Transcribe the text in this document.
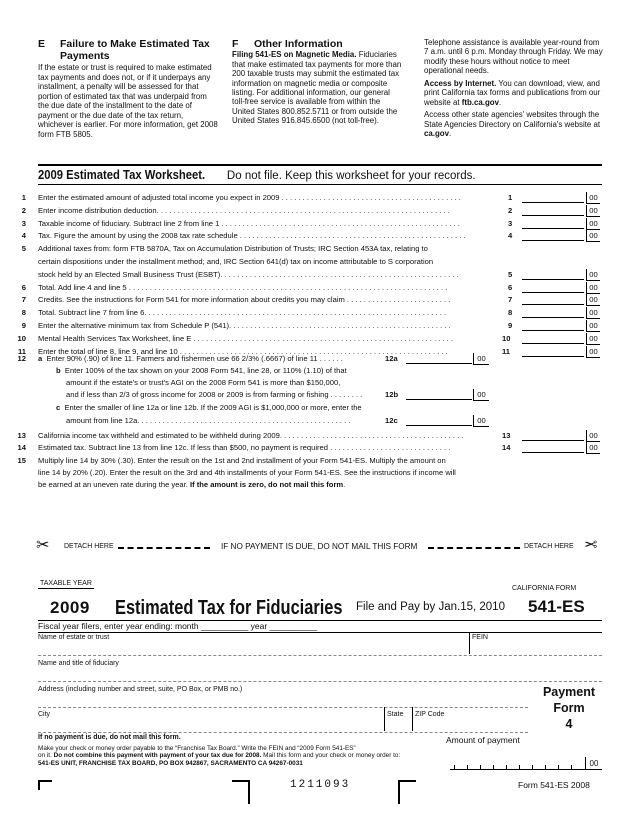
E Failure to Make Estimated Tax Payments
If the estate or trust is required to make estimated tax payments and does not, or if it underpays any installment, a penalty will be assessed for that portion of estimated tax that was underpaid from the due date of the installment to the date of payment or the due date of the tax return, whichever is earlier. For more information, get 2008 form FTB 5805.
F Other Information
Filing 541-ES on Magnetic Media. Fiduciaries that make estimated tax payments for more than 200 taxable trusts may submit the estimated tax information on magnetic media or composite listing. For additional information, our general toll-free service is available from within the United States 800.852.5711 or from outside the United States 916.845.6500 (not toll-free).
Telephone assistance is available year-round from 7 a.m. until 6 p.m. Monday through Friday. We may modify these hours without notice to meet operational needs.
Access by Internet. You can download, view, and print California tax forms and publications from our website at ftb.ca.gov.
Access other state agencies' websites through the State Agencies Directory on California's website at ca.gov.
2009 Estimated Tax Worksheet. Do not file. Keep this worksheet for your records.
1 Enter the estimated amount of adjusted total income you expect in 2009 . . . . . . . . . . . . . . . . . . . . . . . . . . . . . . . . . . . . . . . . . . .	1	00
2 Enter income distribution deduction. . . . . . . . . . . . . . . . . . . . . . . . . . . . . . . . . . . . . . . . . . . . . . . . . . . . . . . . . . . . . . . . . . . . . .	2	00
3 Taxable income of fiduciary. Subtract line 2 from line 1 . . . . . . . . . . . . . . . . . . . . . . . . . . . . . . . . . . . . . . . . . . . . . . . . . . . . . . . . .	3	00
4 Tax. Figure the amount by using the 2008 tax rate schedule . . . . . . . . . . . . . . . . . . . . . . . . . . . . . . . . . . . . . . . . . . . . . . . . . . . . . .	4	00
5 Additional taxes from: form FTB 5870A, Tax on Accumulation Distribution of Trusts; IRC Section 453A tax, relating to
certain dispositions under the installment method; and, IRC Section 641(d) tax on income attributable to S corporation
stock held by an Elected Small Business Trust (ESBT). . . . . . . . . . . . . . . . . . . . . . . . . . . . . . . . . . . . . . . . . . . . . . . . . . . . . . . . .	5	00
6 Total. Add line 4 and line 5 . . . . . . . . . . . . . . . . . . . . . . . . . . . . . . . . . . . . . . . . . . . . . . . . . . . . . . . . . . . . . . . . . . . . . . . . . . . .	6	00
7 Credits. See the instructions for Form 541 for more information about credits you may claim . . . . . . . . . . . . . . . . . . . . . . . . .	7	00
8 Total. Subtract line 7 from line 6. . . . . . . . . . . . . . . . . . . . . . . . . . . . . . . . . . . . . . . . . . . . . . . . . . . . . . . . . . . . . . . . . . . . . . . .	8	00
9 Enter the alternative minimum tax from Schedule P (541). . . . . . . . . . . . . . . . . . . . . . . . . . . . . . . . . . . . . . . . . . . . . . . . . . . . .	9	00
10 Mental Health Services Tax Worksheet, line E . . . . . . . . . . . . . . . . . . . . . . . . . . . . . . . . . . . . . . . . . . . . . . . . . . . . . . . . . . . . . .	10	00
11 Enter the total of line 8, line 9, and line 10 . . . . . . . . . . . . . . . . . . . . . . . . . . . . . . . . . . . . . . . . . . . . . . . . . . . . . . . . . . . . . . . .	11	00
12 a Enter 90% (.90) of line 11. Farmers and fishermen use 66 2/3% (.6667) of line 11 . . . . . .	12a	00
b Enter 100% of the tax shown on your 2008 Form 541, line 28, or 110% (1.10) of that
amount if the estate's or trust's AGI on the 2008 Form 541 is more than $150,000,
and if less than 2/3 of gross income for 2008 or 2009 is from farming or fishing . . . . . . . .	12b	00
c Enter the smaller of line 12a or line 12b. If the 2009 AGI is $1,000,000 or more, enter the
amount from line 12a. . . . . . . . . . . . . . . . . . . . . . . . . . . . . . . . . . . . . . . . . . . . . . . . . . .	12c	00
13 California income tax withheld and estimated to be withheld during 2009. . . . . . . . . . . . . . . . . . . . . . . . . . . . . . . . . . . . . . . . . . . .	13	00
14 Estimated tax. Subtract line 13 from line 12c. If less than $500, no payment is required . . . . . . . . . . . . . . . . . . . . . . . . . . . . .	14	00
15 Multiply line 14 by 30% (.30). Enter the result on the 1st and 2nd installment of your Form 541-ES. Multiply the amount on
line 14 by 20% (.20). Enter the result on the 3rd and 4th installments of your Form 541-ES. See the instructions if income will
be earned at an uneven rate during the year. If the amount is zero, do not mail this form.
✂ DETACH HERE	IF NO PAYMENT IS DUE, DO NOT MAIL THIS FORM	DETACH HERE ✂
TAXABLE YEAR
CALIFORNIA FORM
2009 Estimated Tax for Fiduciaries File and Pay by Jan.15, 2010 541-ES
Fiscal year filers, enter year ending: month __________ year __________
Name of estate or trust	FEIN
Name and title of fiduciary
Address (including number and street, suite, PO Box, or PMB no.)
City	State ZIP Code
Payment
Form
4
If no payment is due, do not mail this form.	Amount of payment
Make your check or money order payable to the “Franchise Tax Board.” Write the FEIN and “2009 Form 541-ES”
on it. Do not combine this payment with payment of your tax due for 2008. Mail this form and your check or money order to:
541-ES UNIT, FRANCHISE TAX BOARD, PO BOX 942867, SACRAMENTO CA 94267-0031	00
1211093	Form 541-ES 2008
